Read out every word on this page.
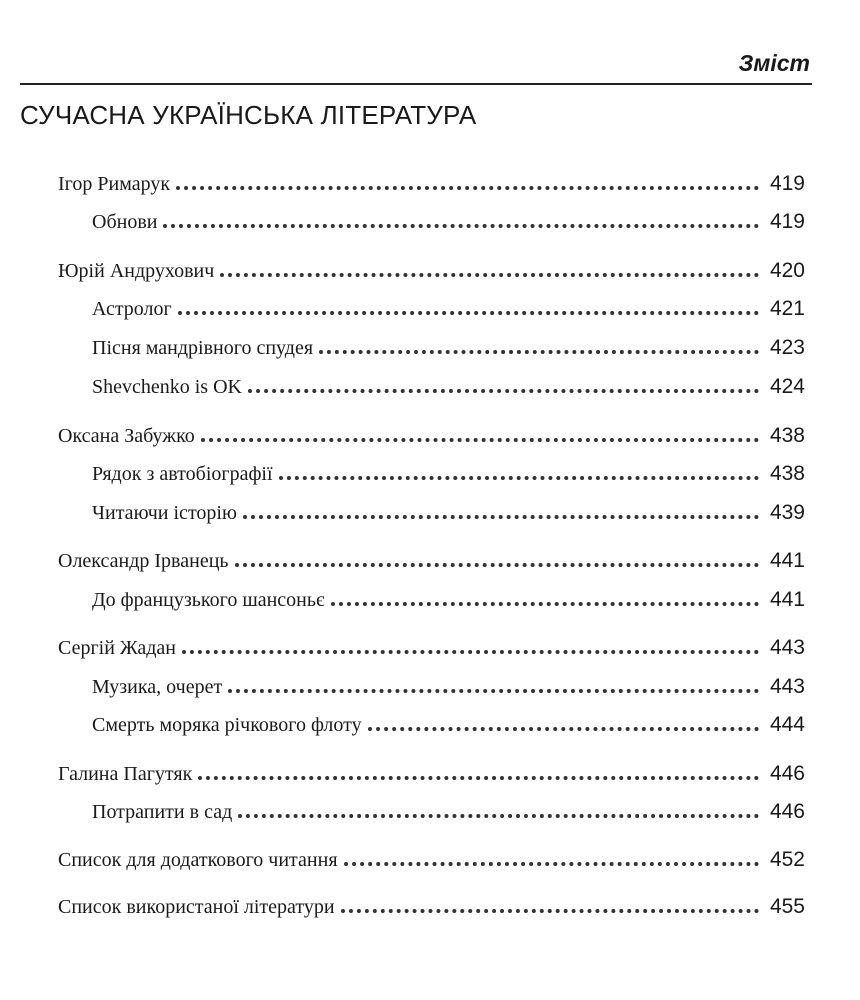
Зміст
СУЧАСНА УКРАЇНСЬКА ЛІТЕРАТУРА
Ігор Римарук	419
Обнови	419
Юрій Андрухович	420
Астролог	421
Пісня мандрівного спудея	423
Shevchenko is OK	424
Оксана Забужко	438
Рядок з автобіографії	438
Читаючи історію	439
Олександр Ірванець	441
До французького шансоньє	441
Сергій Жадан	443
Музика, очерет	443
Смерть моряка річкового флоту	444
Галина Пагутяк	446
Потрапити в сад	446
Список для додаткового читання	452
Список використаної літератури	455
